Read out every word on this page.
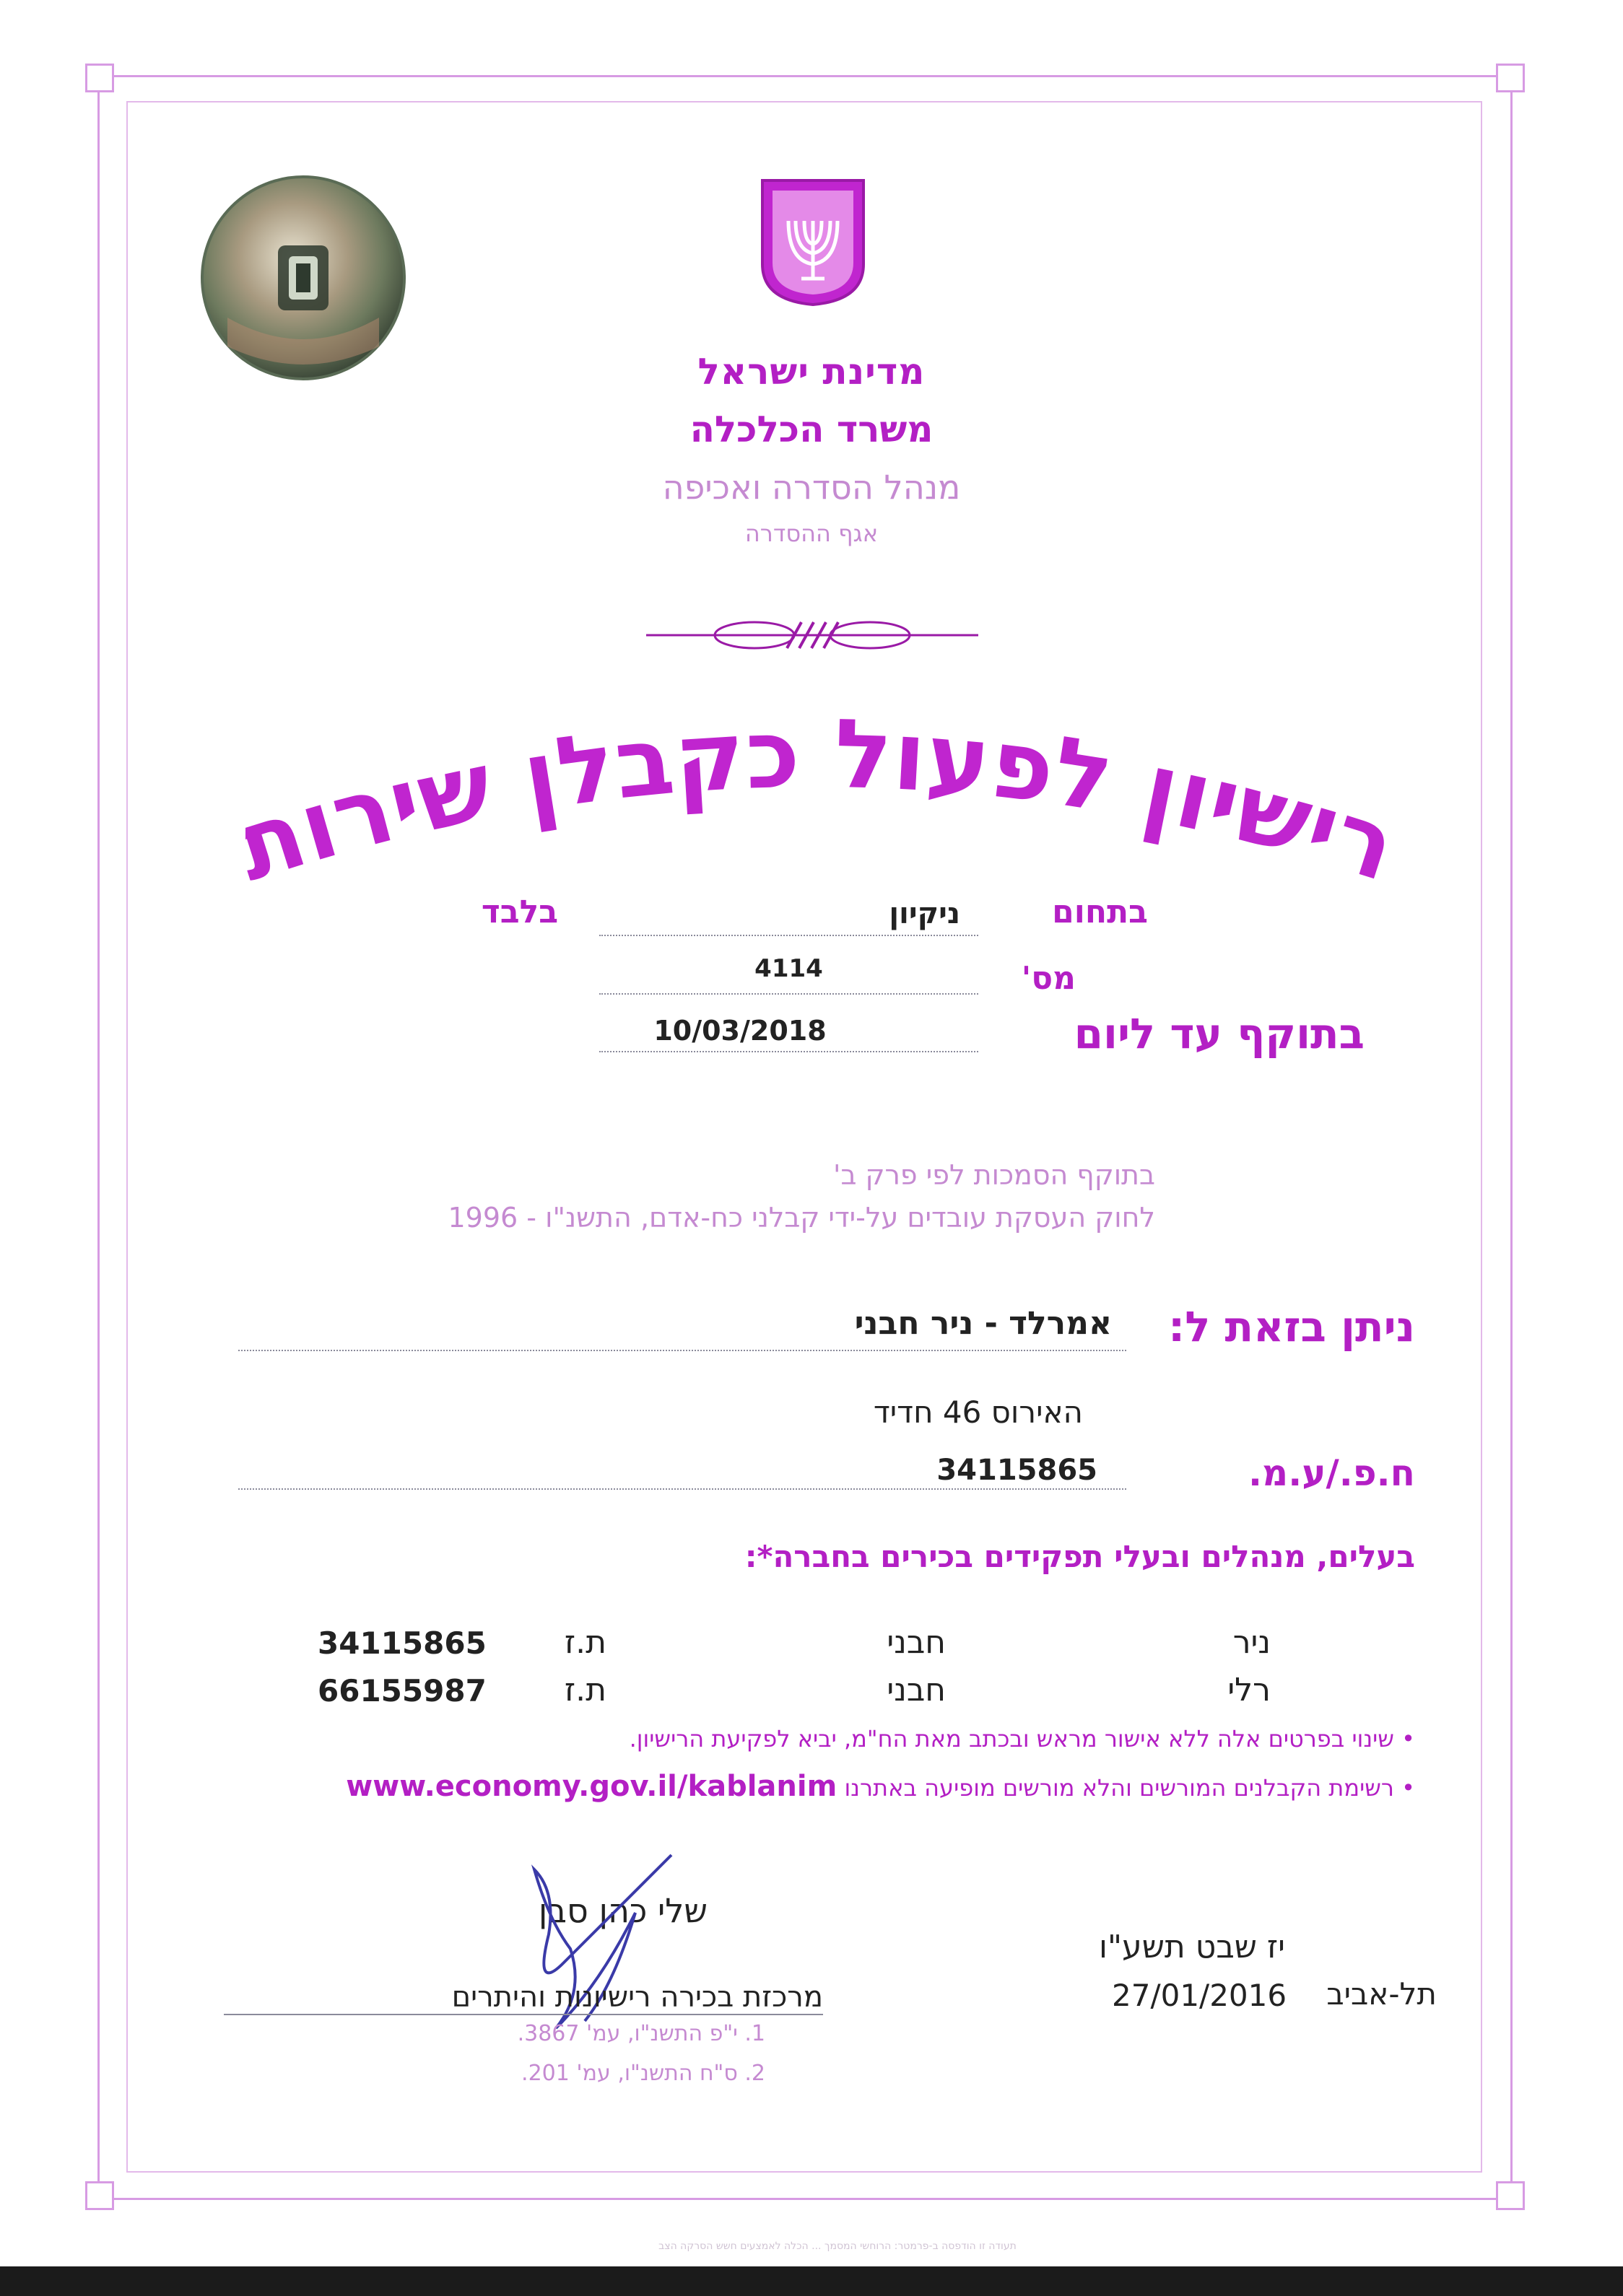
מדינת ישראל
משרד הכלכלה
מנהל הסדרה ואכיפה
אגף ההסדרה
ישיון לפעול כקבלן שירו
בתחום
ניקיון
בלבד
מס'
4114
בתוקף עד ליום
10/03/2018
בתוקף הסמכות לפי פרק ב'
לחוק העסקת עובדים על-ידי קבלני כח-אדם, התשנ"ו - 1996
ניתן בזאת ל:
אמרלד - ניר חבני
האירוס 46 חדיד
ח.פ./ע.מ.
34115865
בעלים, מנהלים ובעלי תפקידים בכירים בחברה*:
ניר
חבני
ת.ז
34115865
רלי
חבני
ת.ז
66155987
• שינוי בפרטים אלה ללא אישור מראש ובכתב מאת הח"מ, יביא לפקיעת הרישיון.
• רשימת הקבלנים המורשים והלא מורשים מופיעה באתרנו www.economy.gov.il/kablanim
שלי כהן סבן
מרכזת בכירה רישיונות והיתרים
1. י"פ התשנ"ו, עמ' 3867.
2. ס"ח התשנ"ו, עמ' 201.
יז שבט תשע"ו
27/01/2016	תל-אביב
תעודה זו הודפסה ב-פרמטר: הרוחשי המסמך ... הכלה לאמצעים חשש הסרקה הצב
